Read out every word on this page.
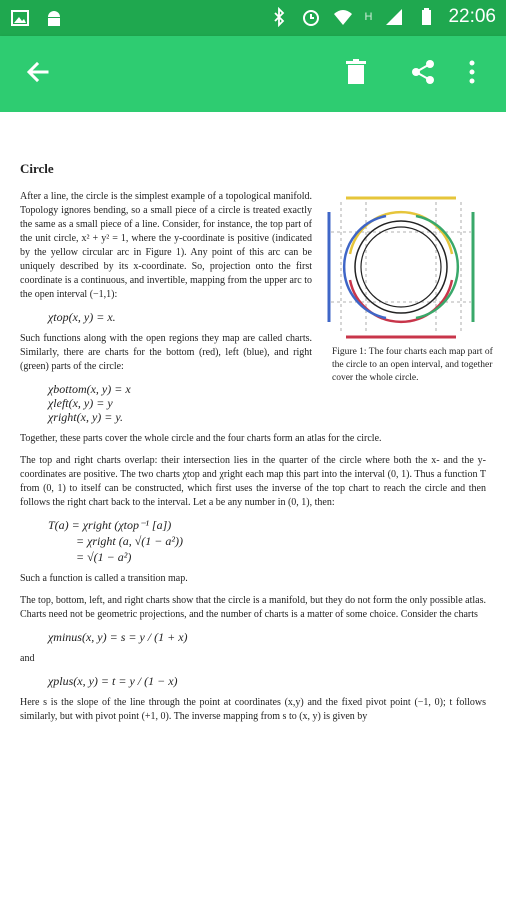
H	22:06
Circle

After a line, the circle is the simplest example of a topological manifold. Topology ignores bending, so a small piece of a circle is treated exactly the same as a small piece of a line. Consider, for instance, the top part of the unit circle, x² + y² = 1, where the y-coordinate is positive (indicated by the yellow circular arc in Figure 1). Any point of this arc can be uniquely described by its x-coordinate. So, projection onto the first coordinate is a continuous, and invertible, mapping from the upper arc to the open interval (−1,1):

χtop(x, y) = x.

Such functions along with the open regions they map are called charts. Similarly, there are charts for the bottom (red), left (blue), and right (green) parts of the circle:

χbottom(x, y) = x
χleft(x, y) = y
χright(x, y) = y.

Together, these parts cover the whole circle and the four charts form an atlas for the circle.

The top and right charts overlap: their intersection lies in the quarter of the circle where both the x- and the y-coordinates are positive. The two charts χtop and χright each map this part into the interval (0, 1). Thus a function T from (0, 1) to itself can be constructed, which first uses the inverse of the top chart to reach the circle and then follows the right chart back to the interval. Let a be any number in (0, 1), then:

T(a) = χright (χtop⁻¹ [a])
= χright (a, √(1 − a²))
= √(1 − a²)

Such a function is called a transition map.

The top, bottom, left, and right charts show that the circle is a manifold, but they do not form the only possible atlas. Charts need not be geometric projections, and the number of charts is a matter of some choice. Consider the charts

χminus(x, y) = s = y / (1 + x)

and

χplus(x, y) = t = y / (1 − x)

Here s is the slope of the line through the point at coordinates (x,y) and the fixed pivot point (−1, 0); t follows similarly, but with pivot point (+1, 0). The inverse mapping from s to (x, y) is given by

Figure 1: The four charts each map part of the circle to an open interval, and together cover the whole circle.
